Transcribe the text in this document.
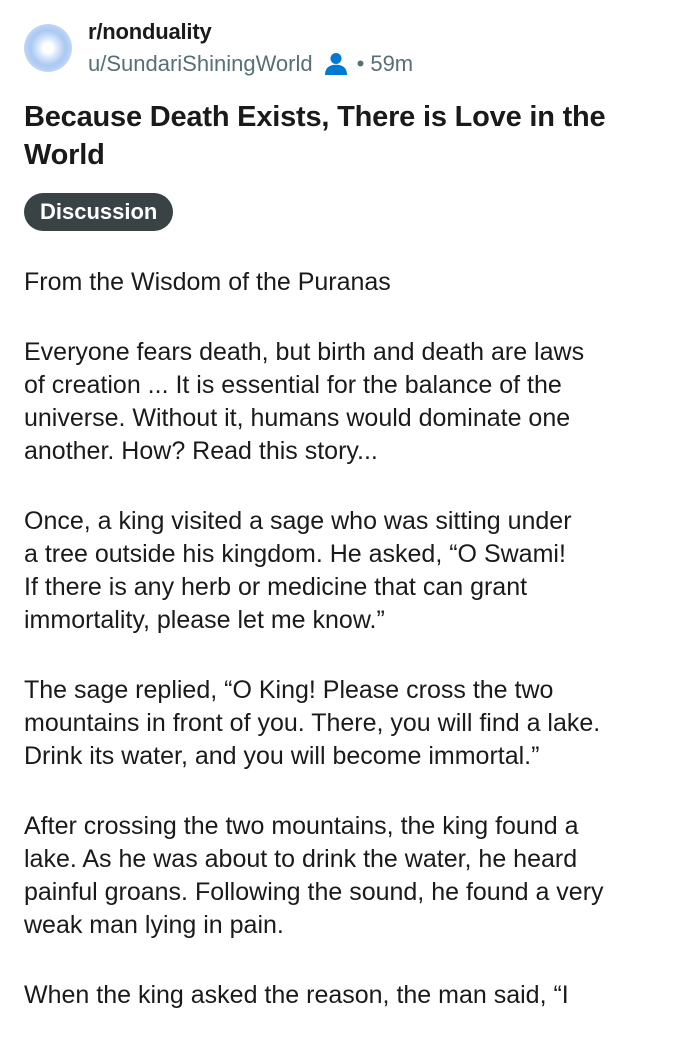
r/nonduality
u/SundariShiningWorld • 59m
Because Death Exists, There is Love in the World
Discussion

From the Wisdom of the Puranas

Everyone fears death, but birth and death are laws
of creation ... It is essential for the balance of the
universe. Without it, humans would dominate one
another. How? Read this story...

Once, a king visited a sage who was sitting under
a tree outside his kingdom. He asked, “O Swami!
If there is any herb or medicine that can grant
immortality, please let me know.”

The sage replied, “O King! Please cross the two
mountains in front of you. There, you will find a lake.
Drink its water, and you will become immortal.”

After crossing the two mountains, the king found a
lake. As he was about to drink the water, he heard
painful groans. Following the sound, he found a very
weak man lying in pain.

When the king asked the reason, the man said, “I
